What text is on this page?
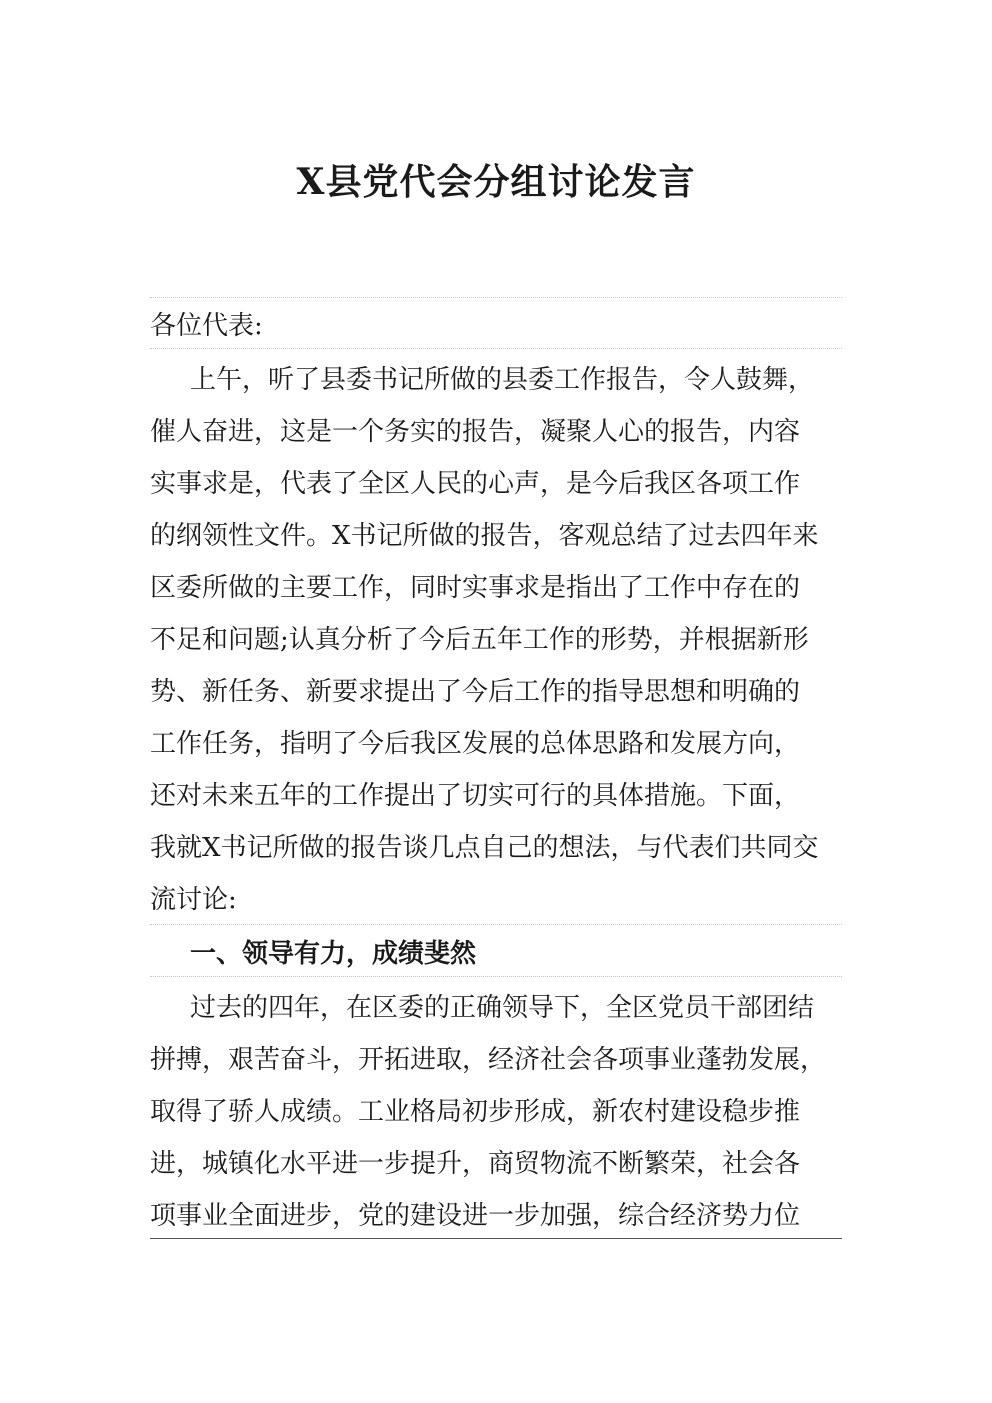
X县党代会分组讨论发言
各位代表:
上午，听了县委书记所做的县委工作报告，令人鼓舞，
催人奋进，这是一个务实的报告，凝聚人心的报告，内容
实事求是，代表了全区人民的心声，是今后我区各项工作
的纲领性文件。X书记所做的报告，客观总结了过去四年来
区委所做的主要工作，同时实事求是指出了工作中存在的
不足和问题;认真分析了今后五年工作的形势，并根据新形
势、新任务、新要求提出了今后工作的指导思想和明确的
工作任务，指明了今后我区发展的总体思路和发展方向，
还对未来五年的工作提出了切实可行的具体措施。下面，
我就X书记所做的报告谈几点自己的想法，与代表们共同交
流讨论:
一、领导有力，成绩斐然
过去的四年，在区委的正确领导下，全区党员干部团结
拼搏，艰苦奋斗，开拓进取，经济社会各项事业蓬勃发展，
取得了骄人成绩。工业格局初步形成，新农村建设稳步推
进，城镇化水平进一步提升，商贸物流不断繁荣，社会各
项事业全面进步，党的建设进一步加强，综合经济势力位
